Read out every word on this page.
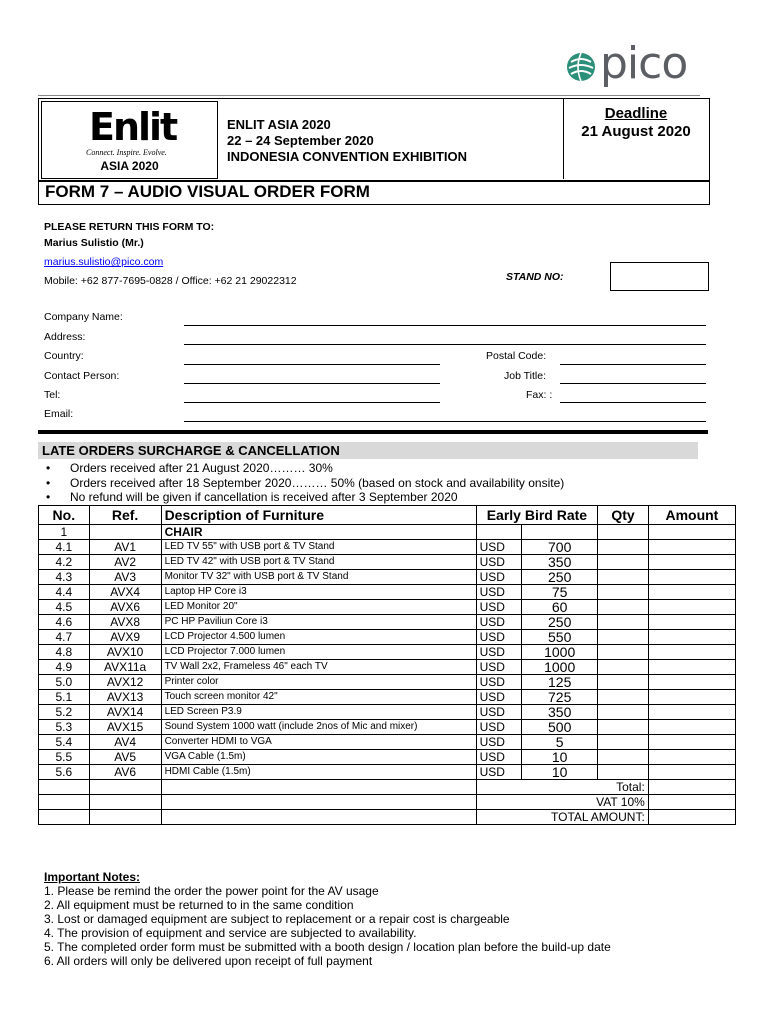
pico
Enlit
Connect. Inspire. Evolve.
ASIA 2020
ENLIT ASIA 2020
22 – 24 September 2020
INDONESIA CONVENTION EXHIBITION
Deadline
21 August 2020
FORM 7 – AUDIO VISUAL ORDER FORM
PLEASE RETURN THIS FORM TO:
Marius Sulistio (Mr.)
marius.sulistio@pico.com
Mobile: +62 877-7695-0828 / Office: +62 21 29022312	STAND NO:
Company Name:
Address:
Country:	Postal Code:
Contact Person:	Job Title:
Tel:	Fax: :
Email:
LATE ORDERS SURCHARGE & CANCELLATION
• Orders received after 21 August 2020……… 30%
• Orders received after 18 September 2020……… 50% (based on stock and availability onsite)
• No refund will be given if cancellation is received after 3 September 2020
No.	Ref.	Description of Furniture	Early Bird Rate		Qty	Amount
1		CHAIR				
4.1	AV1	LED TV 55" with USB port & TV Stand	USD	700		
4.2	AV2	LED TV 42" with USB port & TV Stand	USD	350		
4.3	AV3	Monitor TV 32" with USB port & TV Stand	USD	250		
4.4	AVX4	Laptop HP Core i3	USD	75		
4.5	AVX6	LED Monitor 20"	USD	60		
4.6	AVX8	PC HP Paviliun Core i3	USD	250		
4.7	AVX9	LCD Projector 4.500 lumen	USD	550		
4.8	AVX10	LCD Projector 7.000 lumen	USD	1000		
4.9	AVX11a	TV Wall 2x2, Frameless 46" each TV	USD	1000		
5.0	AVX12	Printer color	USD	125		
5.1	AVX13	Touch screen monitor 42"	USD	725		
5.2	AVX14	LED Screen P3.9	USD	350		
5.3	AVX15	Sound System 1000 watt (include 2nos of Mic and mixer)	USD	500		
5.4	AV4	Converter HDMI to VGA	USD	5		
5.5	AV5	VGA Cable (1.5m)	USD	10		
5.6	AV6	HDMI Cable (1.5m)	USD	10		
			Total:			
			VAT 10%			
			TOTAL AMOUNT:			
Important Notes:
1. Please be remind the order the power point for the AV usage
2. All equipment must be returned to in the same condition
3. Lost or damaged equipment are subject to replacement or a repair cost is chargeable
4. The provision of equipment and service are subjected to availability.
5. The completed order form must be submitted with a booth design / location plan before the build-up date
6. All orders will only be delivered upon receipt of full payment
